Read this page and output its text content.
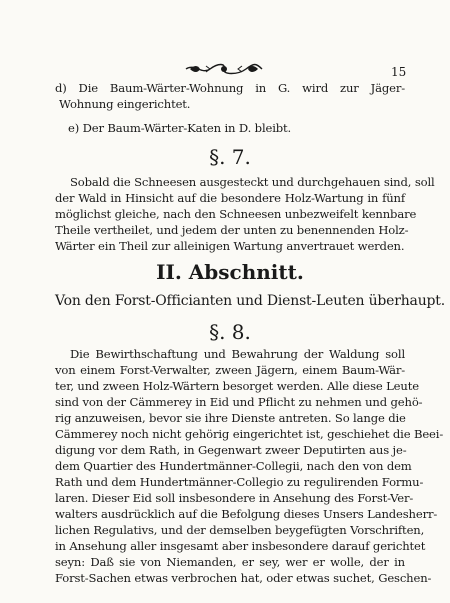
15
d) Die Baum-Wärter-Wohnung in G. wird zur Jäger-
Wohnung eingerichtet.
e) Der Baum-Wärter-Katen in D. bleibt.
§. 7.
Sobald die Schneesen ausgesteckt und durchgehauen sind, soll
der Wald in Hinsicht auf die besondere Holz-Wartung in fünf
möglichst gleiche, nach den Schneesen unbezweifelt kennbare
Theile vertheilet, und jedem der unten zu benennenden Holz-
Wärter ein Theil zur alleinigen Wartung anvertrauet werden.
II. Abschnitt.
Von den Forst-Officianten und Dienst-Leuten überhaupt.
§. 8.
Die Bewirthschaftung und Bewahrung der Waldung soll
von einem Forst-Verwalter, zween Jägern, einem Baum-Wär-
ter, und zween Holz-Wärtern besorget werden. Alle diese Leute
sind von der Cämmerey in Eid und Pflicht zu nehmen und gehö-
rig anzuweisen, bevor sie ihre Dienste antreten. So lange die
Cämmerey noch nicht gehörig eingerichtet ist, geschiehet die Beei-
digung vor dem Rath, in Gegenwart zweer Deputirten aus je-
dem Quartier des Hundertmänner-Collegii, nach den von dem
Rath und dem Hundertmänner-Collegio zu regulirenden Formu-
laren. Dieser Eid soll insbesondere in Ansehung des Forst-Ver-
walters ausdrücklich auf die Befolgung dieses Unsers Landesherr-
lichen Regulativs, und der demselben beygefügten Vorschriften,
in Ansehung aller insgesamt aber insbesondere darauf gerichtet
seyn: Daß sie von Niemanden, er sey, wer er wolle, der in
Forst-Sachen etwas verbrochen hat, oder etwas suchet, Geschen-
